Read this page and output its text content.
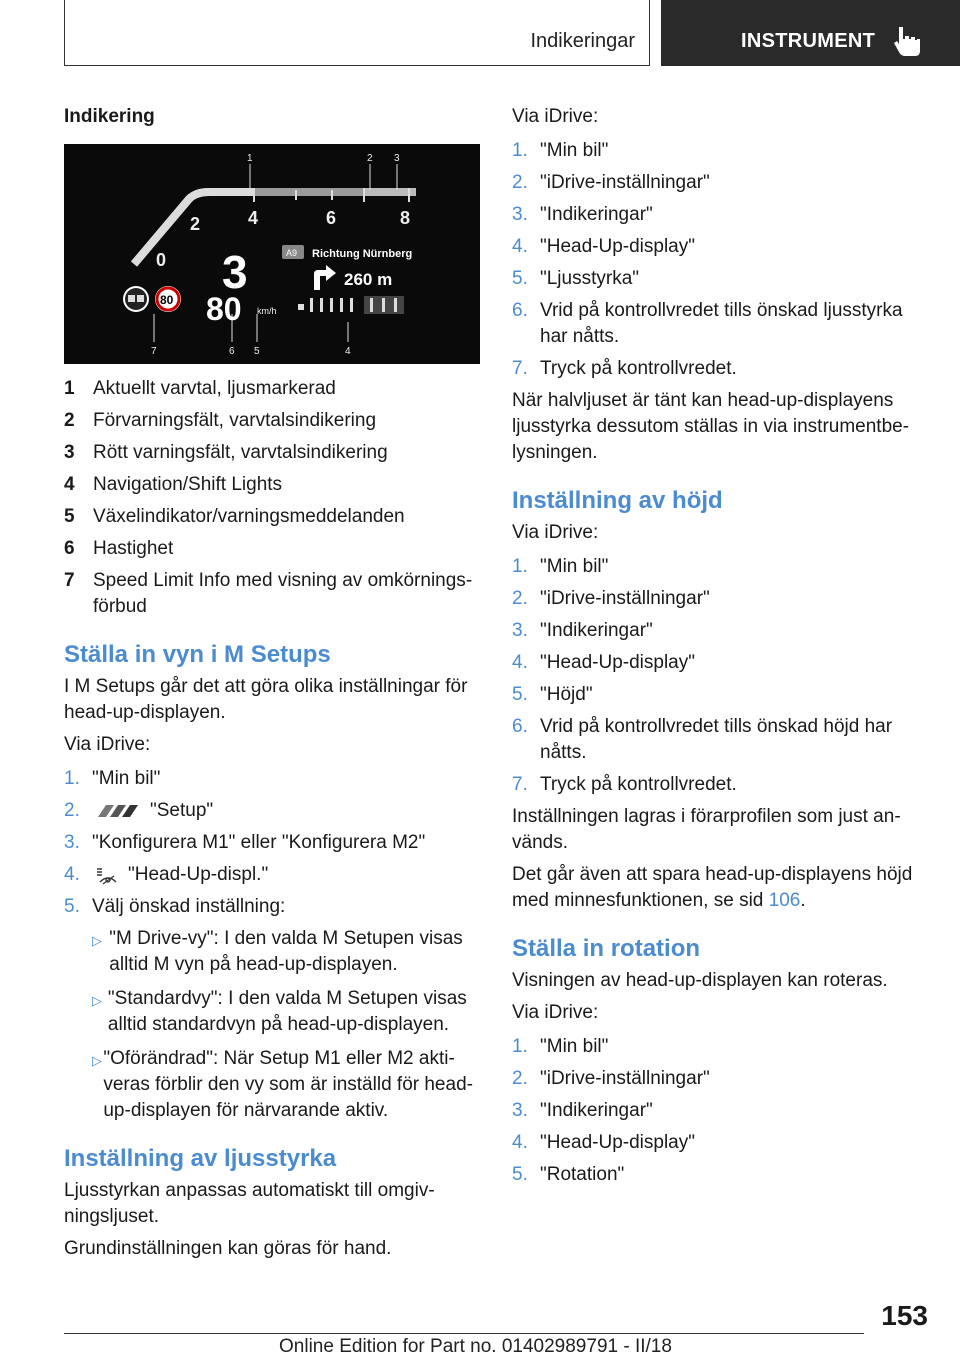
Indikeringar	INSTRUMENT
Indikering
1	2 3
7	6 5	4
0
2	4	6	8
3
80 km/h
A9 Richtung Nürnberg
260 m
80
1 Aktuellt varvtal, ljusmarkerad
2 Förvarningsfält, varvtalsindikering
3 Rött varningsfält, varvtalsindikering
4 Navigation/Shift Lights
5 Växelindikator/varningsmeddelanden
6 Hastighet
7 Speed Limit Info med visning av omkörningsförbud
Ställa in vyn i M Setups

I M Setups går det att göra olika inställningar för head-up-displayen.

Via iDrive:

1. "Min bil"
2.	"Setup"
3. "Konfigurera M1" eller "Konfigurera M2"
4.	"Head-Up-displ."
5. Välj önskad inställning:
▷ "M Drive-vy": I den valda M Setupen visas alltid M vyn på head-up-displayen.
▷ "Standardvy": I den valda M Setupen visas alltid standardvyn på head-up-displayen.
▷ "Oförändrad": När Setup M1 eller M2 aktiveras förblir den vy som är inställd för head-up-displayen för närvarande aktiv.
Inställning av ljusstyrka

Ljusstyrkan anpassas automatiskt till omgivningsljuset.

Grundinställningen kan göras för hand.

Via iDrive:

1. "Min bil"
2. "iDrive-inställningar"
3. "Indikeringar"
4. "Head-Up-display"
5. "Ljusstyrka"
6. Vrid på kontrollvredet tills önskad ljusstyrka har nåtts.
7. Tryck på kontrollvredet.

När halvljuset är tänt kan head-up-displayens ljusstyrka dessutom ställas in via instrumentbelysningen.

Inställning av höjd

Via iDrive:

1. "Min bil"
2. "iDrive-inställningar"
3. "Indikeringar"
4. "Head-Up-display"
5. "Höjd"
6. Vrid på kontrollvredet tills önskad höjd har nåtts.
7. Tryck på kontrollvredet.

Inställningen lagras i förarprofilen som just används.

Det går även att spara head-up-displayens höjd med minnesfunktionen, se sid 106.

Ställa in rotation

Visningen av head-up-displayen kan roteras.

Via iDrive:

1. "Min bil"
2. "iDrive-inställningar"
3. "Indikeringar"
4. "Head-Up-display"
5. "Rotation"
153
Online Edition for Part no. 01402989791 - II/18
